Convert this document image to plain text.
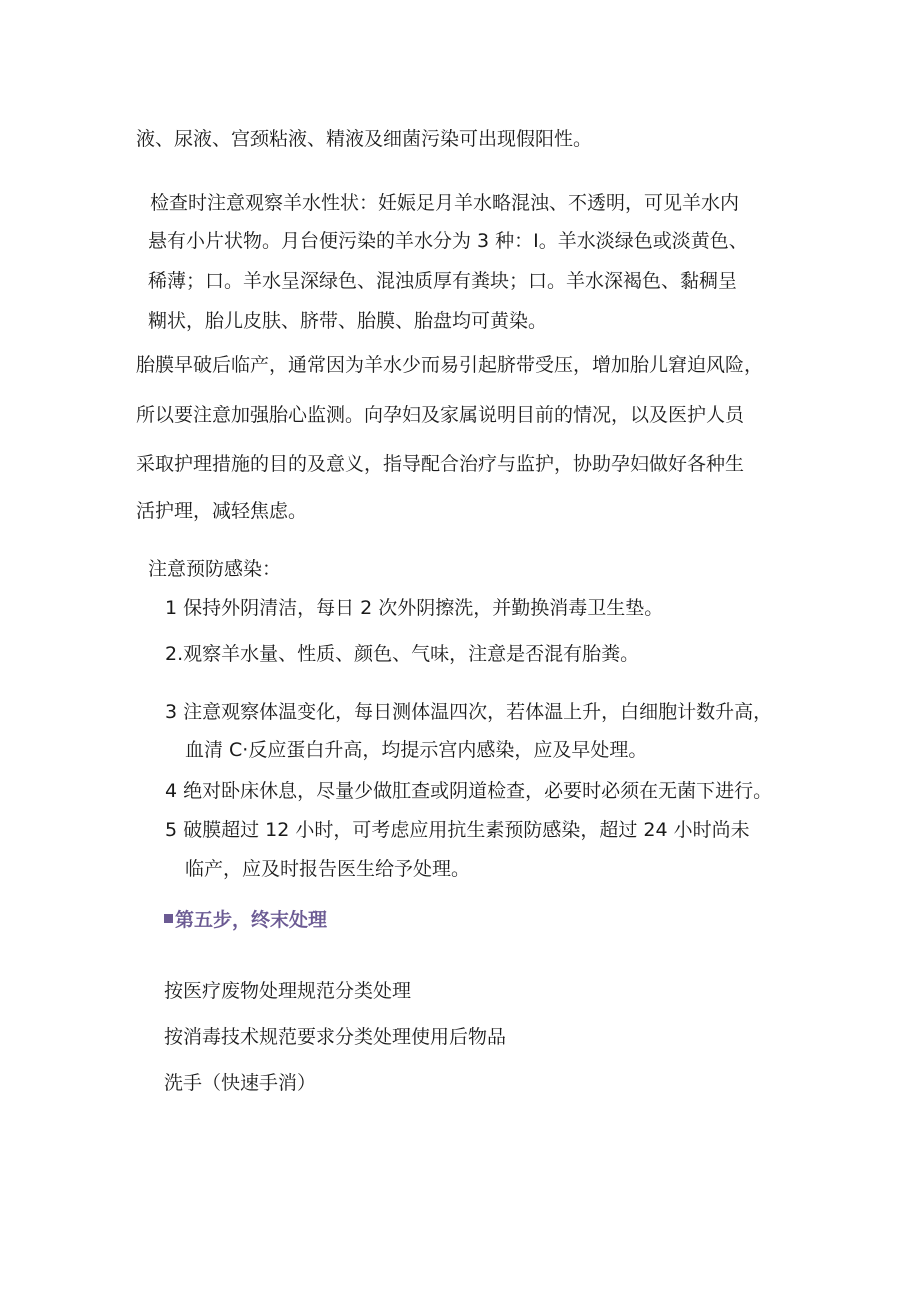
液、尿液、宫颈粘液、精液及细菌污染可出现假阳性。
检查时注意观察羊水性状：妊娠足月羊水略混浊、不透明，可见羊水内
悬有小片状物。月台便污染的羊水分为 3 种：I。羊水淡绿色或淡黄色、
稀薄；口。羊水呈深绿色、混浊质厚有粪块；口。羊水深褐色、黏稠呈
糊状，胎儿皮肤、脐带、胎膜、胎盘均可黄染。
胎膜早破后临产，通常因为羊水少而易引起脐带受压，增加胎儿窘迫风险，
所以要注意加强胎心监测。向孕妇及家属说明目前的情况，以及医护人员
采取护理措施的目的及意义，指导配合治疗与监护，协助孕妇做好各种生
活护理，减轻焦虑。
注意预防感染：
1 保持外阴清洁，每日 2 次外阴擦洗，并勤换消毒卫生垫。
2.观察羊水量、性质、颜色、气味，注意是否混有胎粪。
3 注意观察体温变化，每日测体温四次，若体温上升，白细胞计数升高，
血清 C·反应蛋白升高，均提示宫内感染，应及早处理。
4 绝对卧床休息，尽量少做肛查或阴道检查，必要时必须在无菌下进行。
5 破膜超过 12 小时，可考虑应用抗生素预防感染，超过 24 小时尚未
临产，应及时报告医生给予处理。
第五步，终末处理
按医疗废物处理规范分类处理
按消毒技术规范要求分类处理使用后物品
洗手（快速手消）
